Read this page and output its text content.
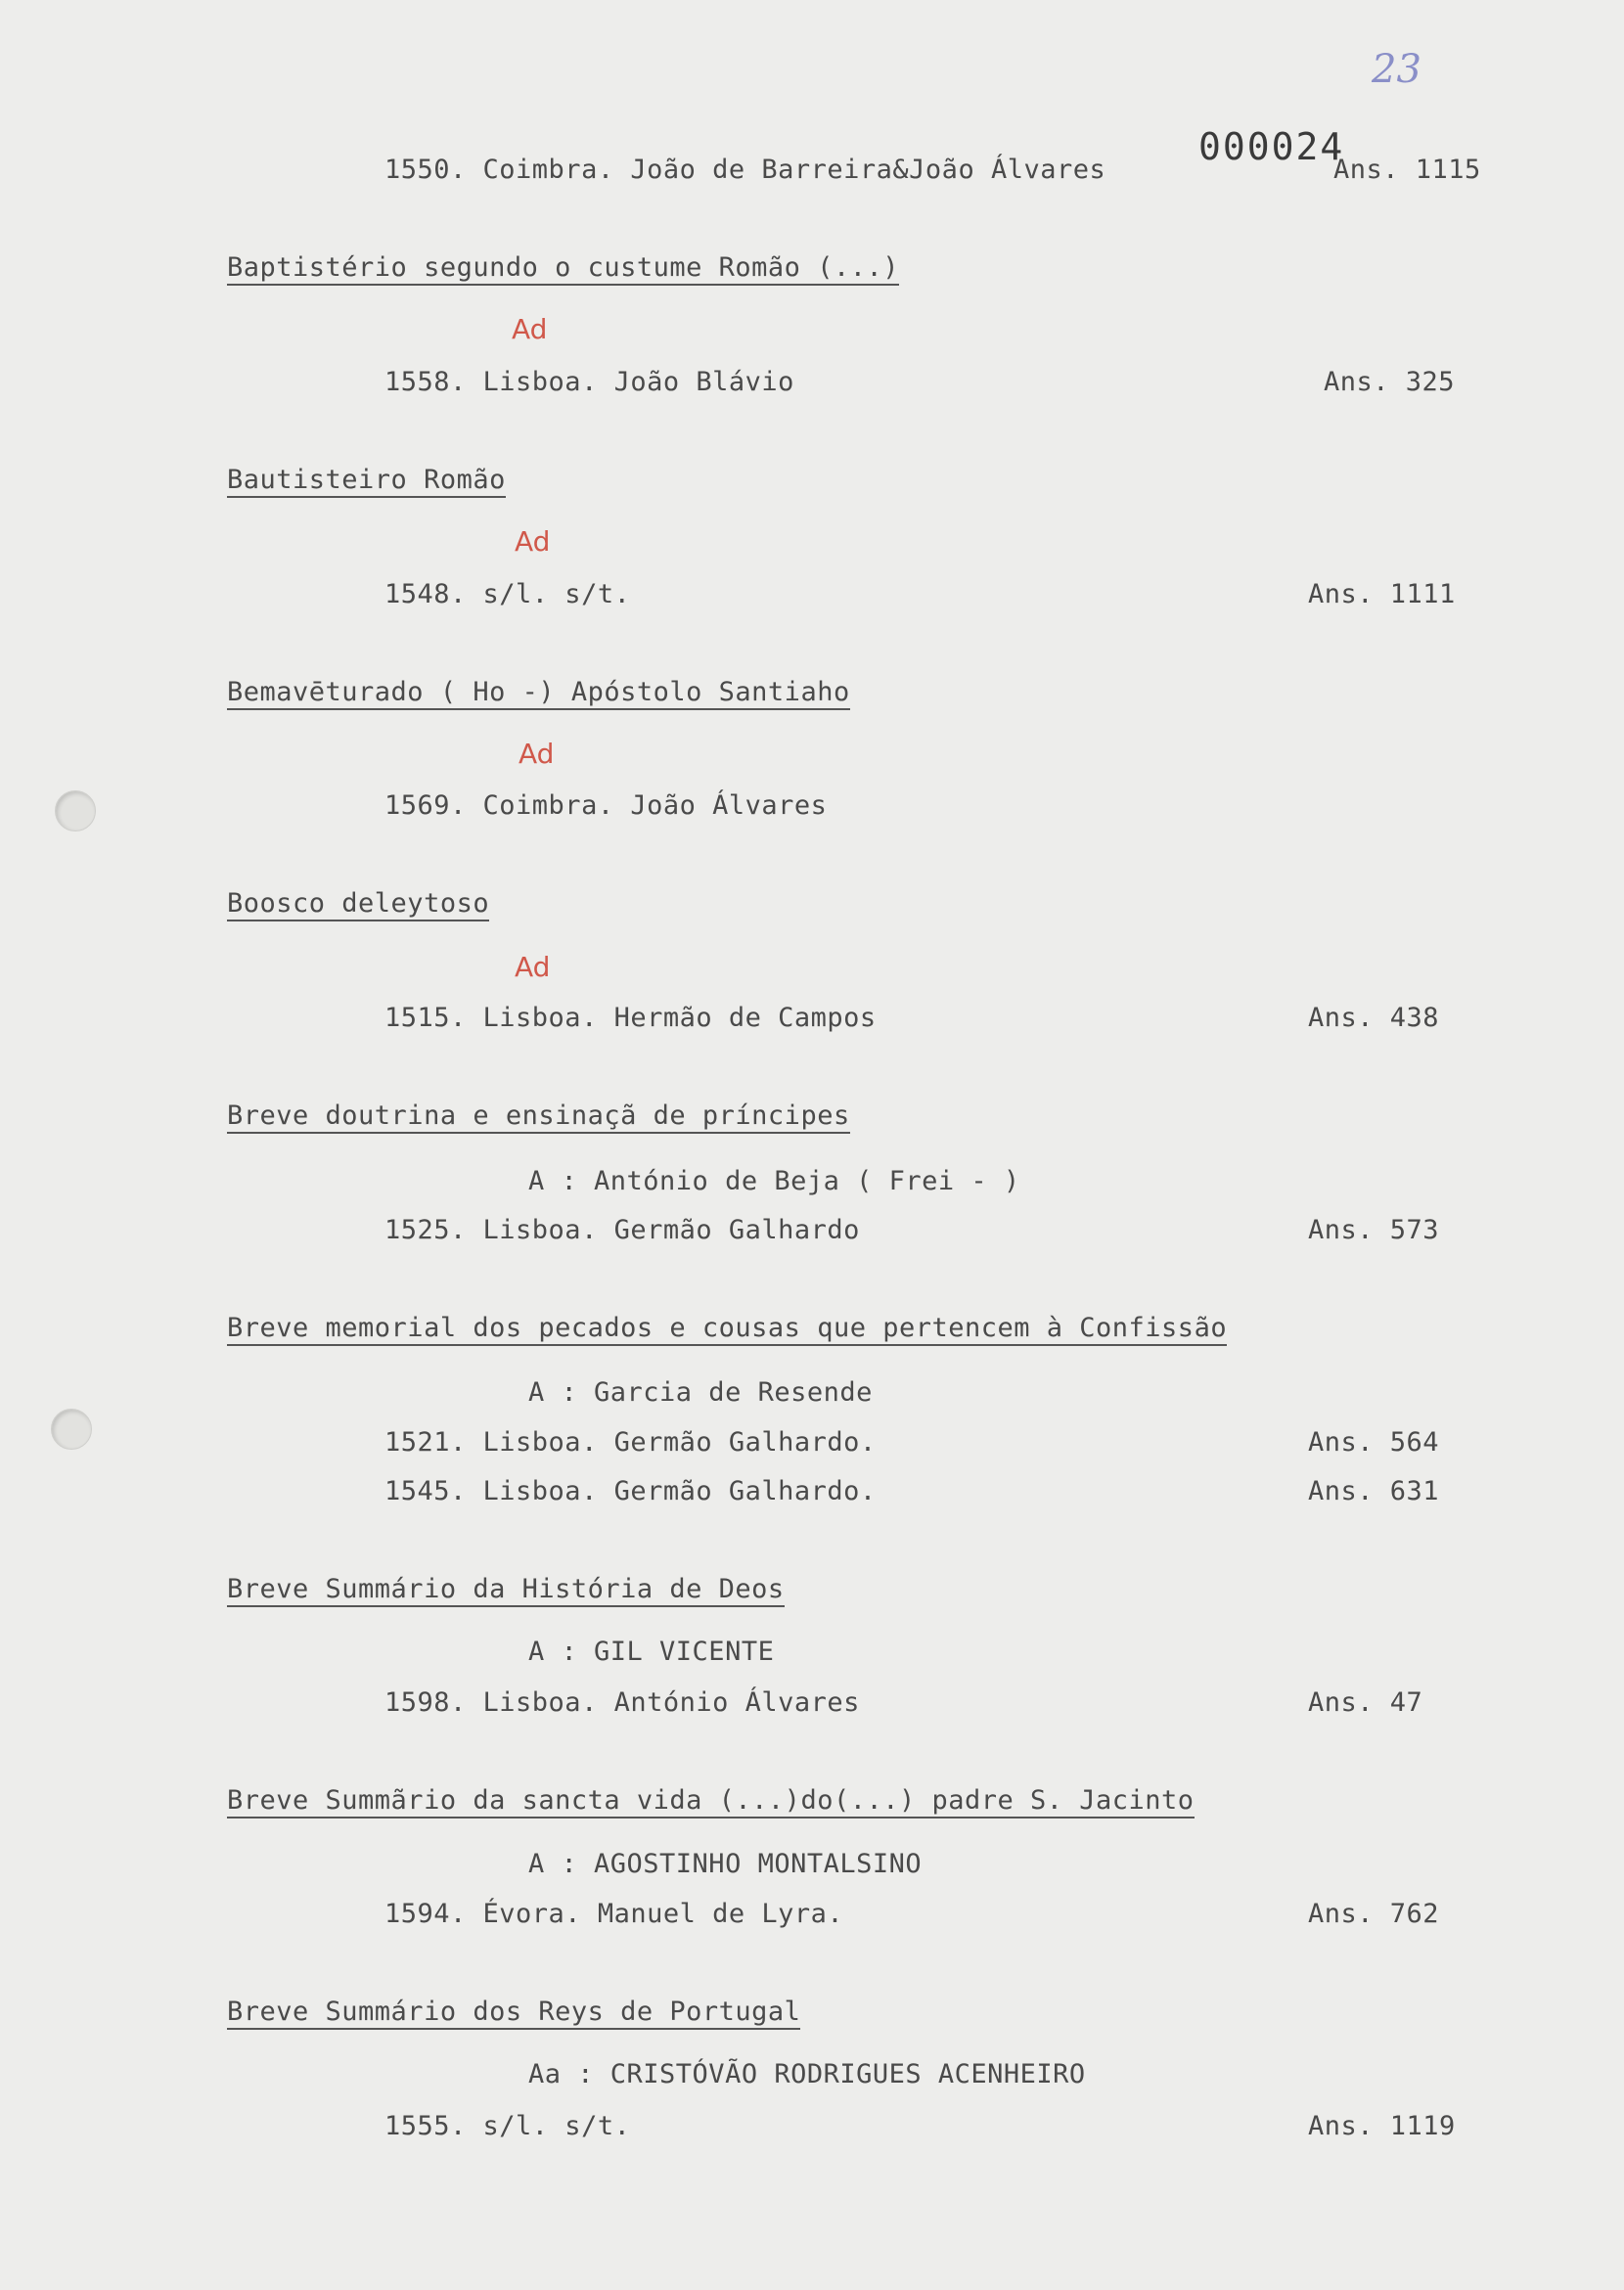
23
000024
1550. Coimbra. João de Barreira&João Álvares	Ans. 1115
Baptistério segundo o custume Romão (...)
Ad
1558. Lisboa. João Blávio	Ans. 325
Bautisteiro Romão
Ad
1548. s/l. s/t.	Ans. 1111
Bemavēturado ( Ho -) Apóstolo Santiaho
Ad
1569. Coimbra. João Álvares
Boosco deleytoso
Ad
1515. Lisboa. Hermão de Campos	Ans. 438
Breve doutrina e ensinaçã de príncipes
A : António de Beja ( Frei - )
1525. Lisboa. Germão Galhardo	Ans. 573
Breve memorial dos pecados e cousas que pertencem à Confissão
A : Garcia de Resende
1521. Lisboa. Germão Galhardo.	Ans. 564
1545. Lisboa. Germão Galhardo.	Ans. 631
Breve Summário da História de Deos
A : GIL VICENTE
1598. Lisboa. António Álvares	Ans. 47
Breve Summãrio da sancta vida (...)do(...) padre S. Jacinto
A : AGOSTINHO MONTALSINO
1594. Évora. Manuel de Lyra.	Ans. 762
Breve Summário dos Reys de Portugal
Aa : CRISTÓVÃO RODRIGUES ACENHEIRO
1555. s/l. s/t.	Ans. 1119
